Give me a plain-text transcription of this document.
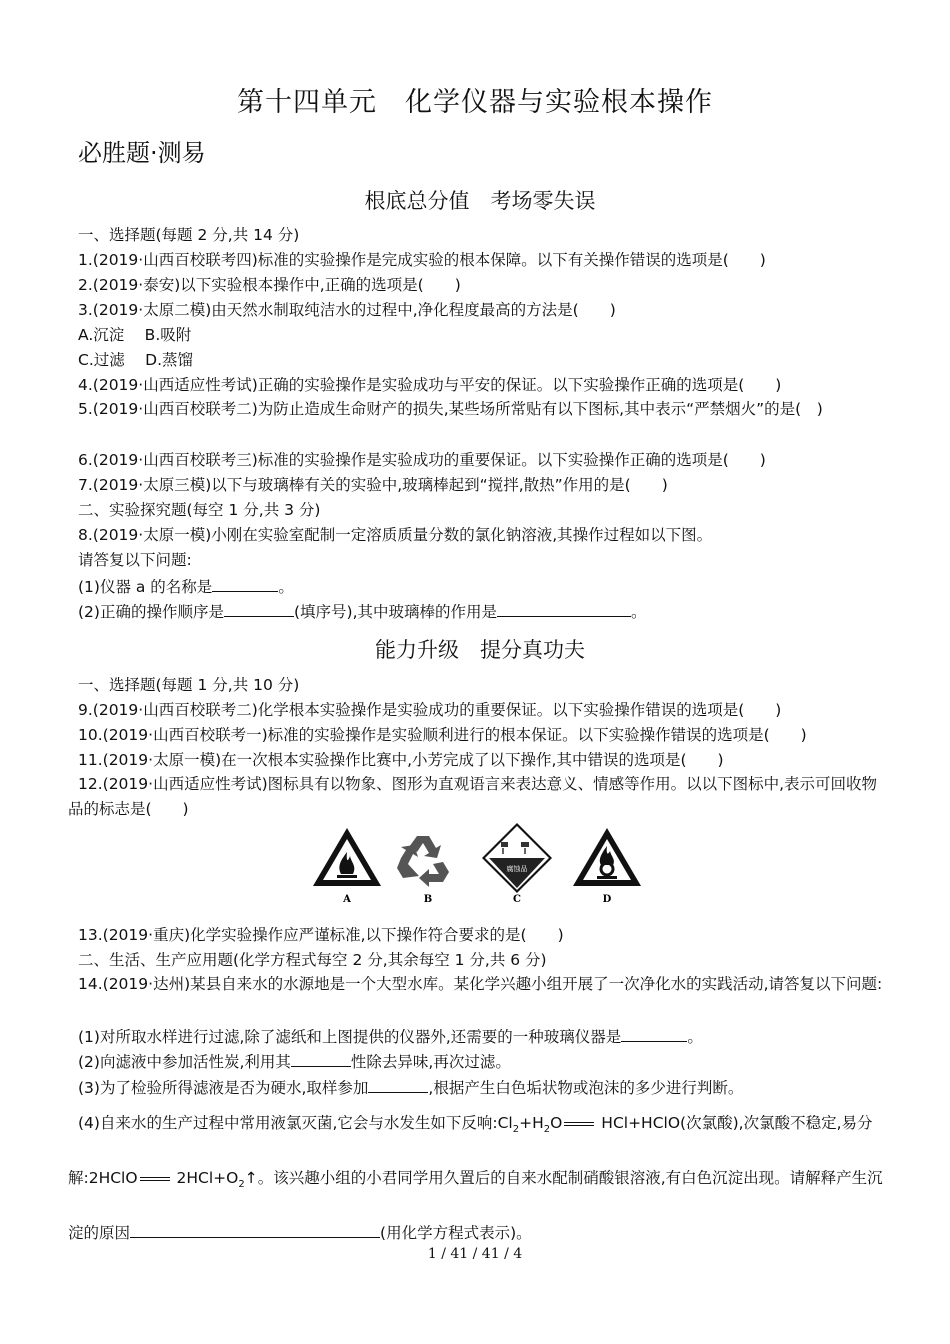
第十四单元　化学仪器与实验根本操作
必胜题·测易
根底总分值　考场零失误
一、选择题(每题 2 分,共 14 分)
1.(2019·山西百校联考四)标准的实验操作是完成实验的根本保障。以下有关操作错误的选项是(　　)
2.(2019·泰安)以下实验根本操作中,正确的选项是(　　)
3.(2019·太原二模)由天然水制取纯洁水的过程中,净化程度最高的方法是(　　)
A.沉淀　 B.吸附
C.过滤　 D.蒸馏
4.(2019·山西适应性考试)正确的实验操作是实验成功与平安的保证。以下实验操作正确的选项是(　　)
5.(2019·山西百校联考二)为防止造成生命财产的损失,某些场所常贴有以下图标,其中表示“严禁烟火”的是(　)
6.(2019·山西百校联考三)标准的实验操作是实验成功的重要保证。以下实验操作正确的选项是(　　)
7.(2019·太原三模)以下与玻璃棒有关的实验中,玻璃棒起到“搅拌,散热”作用的是(　　)
二、实验探究题(每空 1 分,共 3 分)
8.(2019·太原一模)小刚在实验室配制一定溶质质量分数的氯化钠溶液,其操作过程如以下图。
请答复以下问题:
(1)仪器 a 的名称是	。
(2)正确的操作顺序是	(填序号),其中玻璃棒的作用是	。
能力升级　提分真功夫
一、选择题(每题 1 分,共 10 分)
9.(2019·山西百校联考二)化学根本实验操作是实验成功的重要保证。以下实验操作错误的选项是(　　)
10.(2019·山西百校联考一)标准的实验操作是实验顺利进行的根本保证。以下实验操作错误的选项是(　　)
11.(2019·太原一模)在一次根本实验操作比赛中,小芳完成了以下操作,其中错误的选项是(　　)
12.(2019·山西适应性考试)图标具有以物象、图形为直观语言来表达意义、情感等作用。以以下图标中,表示可回收物品的标志是(　　)
A	B
腐蚀品
C	D
13.(2019·重庆)化学实验操作应严谨标准,以下操作符合要求的是(　　)
二、生活、生产应用题(化学方程式每空 2 分,其余每空 1 分,共 6 分)
14.(2019·达州)某县自来水的水源地是一个大型水库。某化学兴趣小组开展了一次净化水的实践活动,请答复以下问题:
(1)对所取水样进行过滤,除了滤纸和上图提供的仪器外,还需要的一种玻璃仪器是	。
(2)向滤液中参加活性炭,利用其	性除去异味,再次过滤。
(3)为了检验所得滤液是否为硬水,取样参加	,根据产生白色垢状物或泡沫的多少进行判断。
(4)自来水的生产过程中常用液氯灭菌,它会与水发生如下反响$:Cl_2+H_2O$ HCl+HClO(次氯酸),次氯酸不稳定,易分解:2HClO $2HCl+O_2↑$。该兴趣小组的小君同学用久置后的自来水配制硝酸银溶液,有白色沉淀出现。请解释产生沉淀的原因	(用化学方程式表示)。
1 / 41 / 41 / 4
